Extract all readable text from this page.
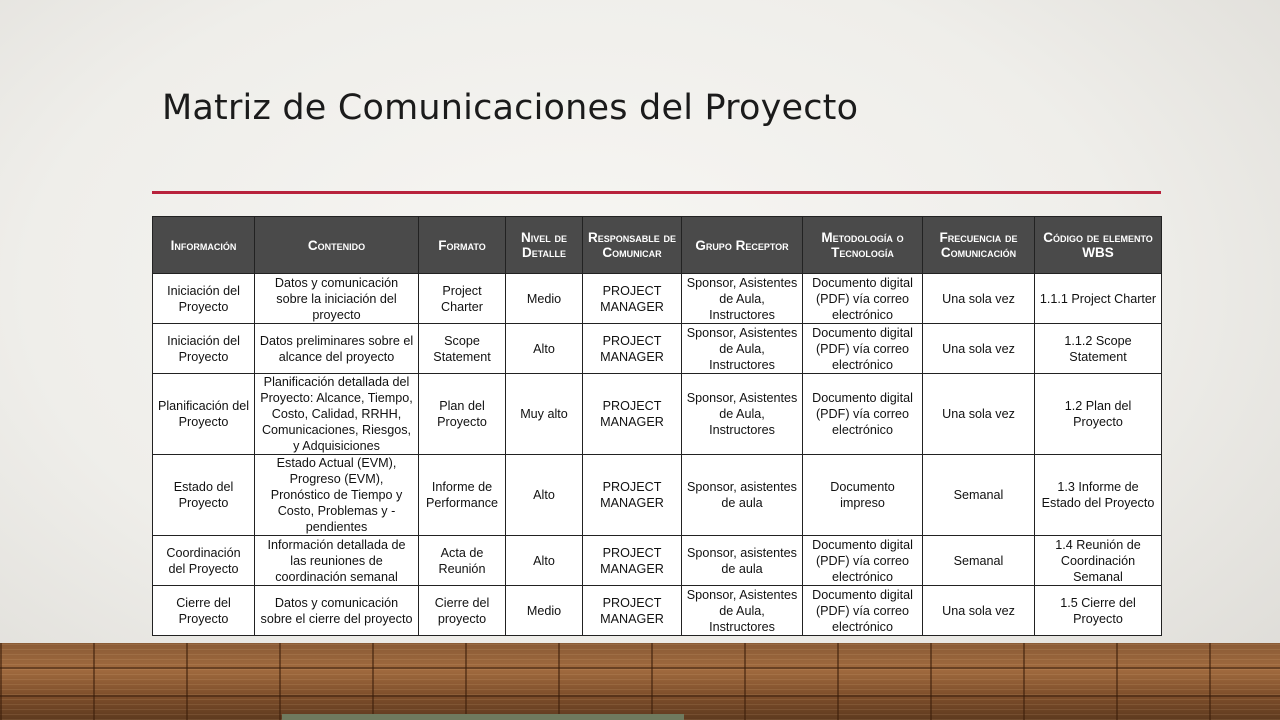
Matriz de Comunicaciones del Proyecto
Información	Contenido	Formato	Nivel de Detalle	Responsable de Comunicar	Grupo Receptor	Metodología o Tecnología	Frecuencia de Comunicación	Código de elemento WBS
Iniciación del Proyecto	Datos y comunicación sobre la iniciación del proyecto	Project Charter	Medio	PROJECT MANAGER	Sponsor, Asistentes de Aula, Instructores	Documento digital (PDF) vía correo electrónico	Una sola vez	1.1.1 Project Charter
Iniciación del Proyecto	Datos preliminares sobre el alcance del proyecto	Scope Statement	Alto	PROJECT MANAGER	Sponsor, Asistentes de Aula, Instructores	Documento digital (PDF) vía correo electrónico	Una sola vez	1.1.2 Scope Statement
Planificación del Proyecto	Planificación detallada del Proyecto: Alcance, Tiempo, Costo, Calidad, RRHH, Comunicaciones, Riesgos, y Adquisiciones	Plan del Proyecto	Muy alto	PROJECT MANAGER	Sponsor, Asistentes de Aula, Instructores	Documento digital (PDF) vía correo electrónico	Una sola vez	1.2 Plan del Proyecto
Estado del Proyecto	Estado Actual (EVM), Progreso (EVM), Pronóstico de Tiempo y Costo, Problemas y -pendientes	Informe de Performance	Alto	PROJECT MANAGER	Sponsor, asistentes de aula	Documento impreso	Semanal	1.3 Informe de Estado del Proyecto
Coordinación del Proyecto	Información detallada de las reuniones de coordinación semanal	Acta de Reunión	Alto	PROJECT MANAGER	Sponsor, asistentes de aula	Documento digital (PDF) vía correo electrónico	Semanal	1.4 Reunión de Coordinación Semanal
Cierre del Proyecto	Datos y comunicación sobre el cierre del proyecto	Cierre del proyecto	Medio	PROJECT MANAGER	Sponsor, Asistentes de Aula, Instructores	Documento digital (PDF) vía correo electrónico	Una sola vez	1.5 Cierre del Proyecto
